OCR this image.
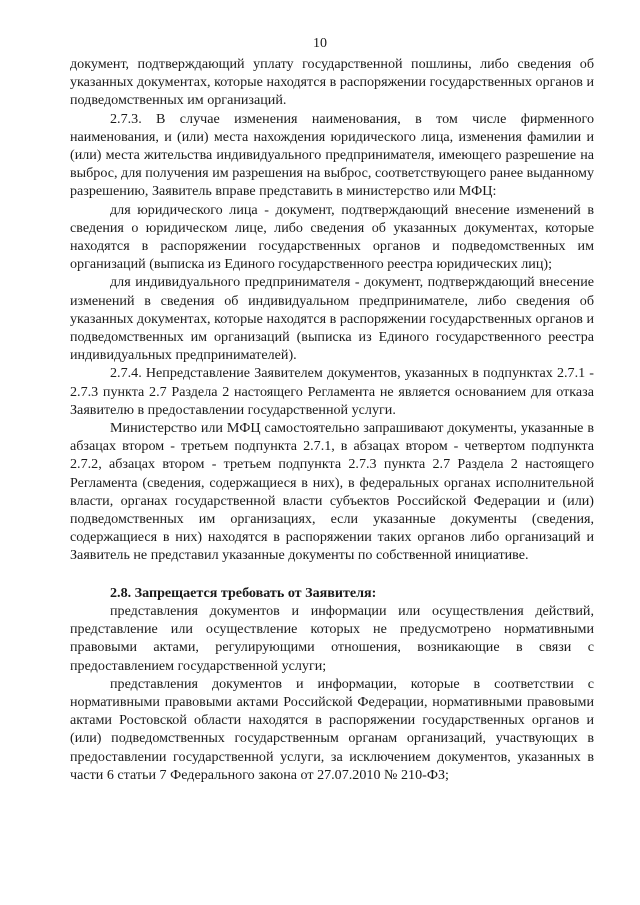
10

документ, подтверждающий уплату государственной пошлины, либо сведения об указанных документах, которые находятся в распоряжении государственных органов и подведомственных им организаций.

2.7.3. В случае изменения наименования, в том числе фирменного наименования, и (или) места нахождения юридического лица, изменения фамилии и (или) места жительства индивидуального предпринимателя, имеющего разрешение на выброс, для получения им разрешения на выброс, соответствующего ранее выданному разрешению, Заявитель вправе представить в министерство или МФЦ:

для юридического лица - документ, подтверждающий внесение изменений в сведения о юридическом лице, либо сведения об указанных документах, которые находятся в распоряжении государственных органов и подведомственных им организаций (выписка из Единого государственного реестра юридических лиц);

для индивидуального предпринимателя - документ, подтверждающий внесение изменений в сведения об индивидуальном предпринимателе, либо сведения об указанных документах, которые находятся в распоряжении государственных органов и подведомственных им организаций (выписка из Единого государственного реестра индивидуальных предпринимателей).

2.7.4. Непредставление Заявителем документов, указанных в подпунктах 2.7.1 - 2.7.3 пункта 2.7 Раздела 2 настоящего Регламента не является основанием для отказа Заявителю в предоставлении государственной услуги.

Министерство или МФЦ самостоятельно запрашивают документы, указанные в абзацах втором - третьем подпункта 2.7.1, в абзацах втором - четвертом подпункта 2.7.2, абзацах втором - третьем подпункта 2.7.3 пункта 2.7 Раздела 2 настоящего Регламента (сведения, содержащиеся в них), в федеральных органах исполнительной власти, органах государственной власти субъектов Российской Федерации и (или) подведомственных им организациях, если указанные документы (сведения, содержащиеся в них) находятся в распоряжении таких органов либо организаций и Заявитель не представил указанные документы по собственной инициативе.

2.8. Запрещается требовать от Заявителя:

представления документов и информации или осуществления действий, представление или осуществление которых не предусмотрено нормативными правовыми актами, регулирующими отношения, возникающие в связи с предоставлением государственной услуги;

представления документов и информации, которые в соответствии с нормативными правовыми актами Российской Федерации, нормативными правовыми актами Ростовской области находятся в распоряжении государственных органов и (или) подведомственных государственным органам организаций, участвующих в предоставлении государственной услуги, за исключением документов, указанных в части 6 статьи 7 Федерального закона от 27.07.2010 № 210-ФЗ;
